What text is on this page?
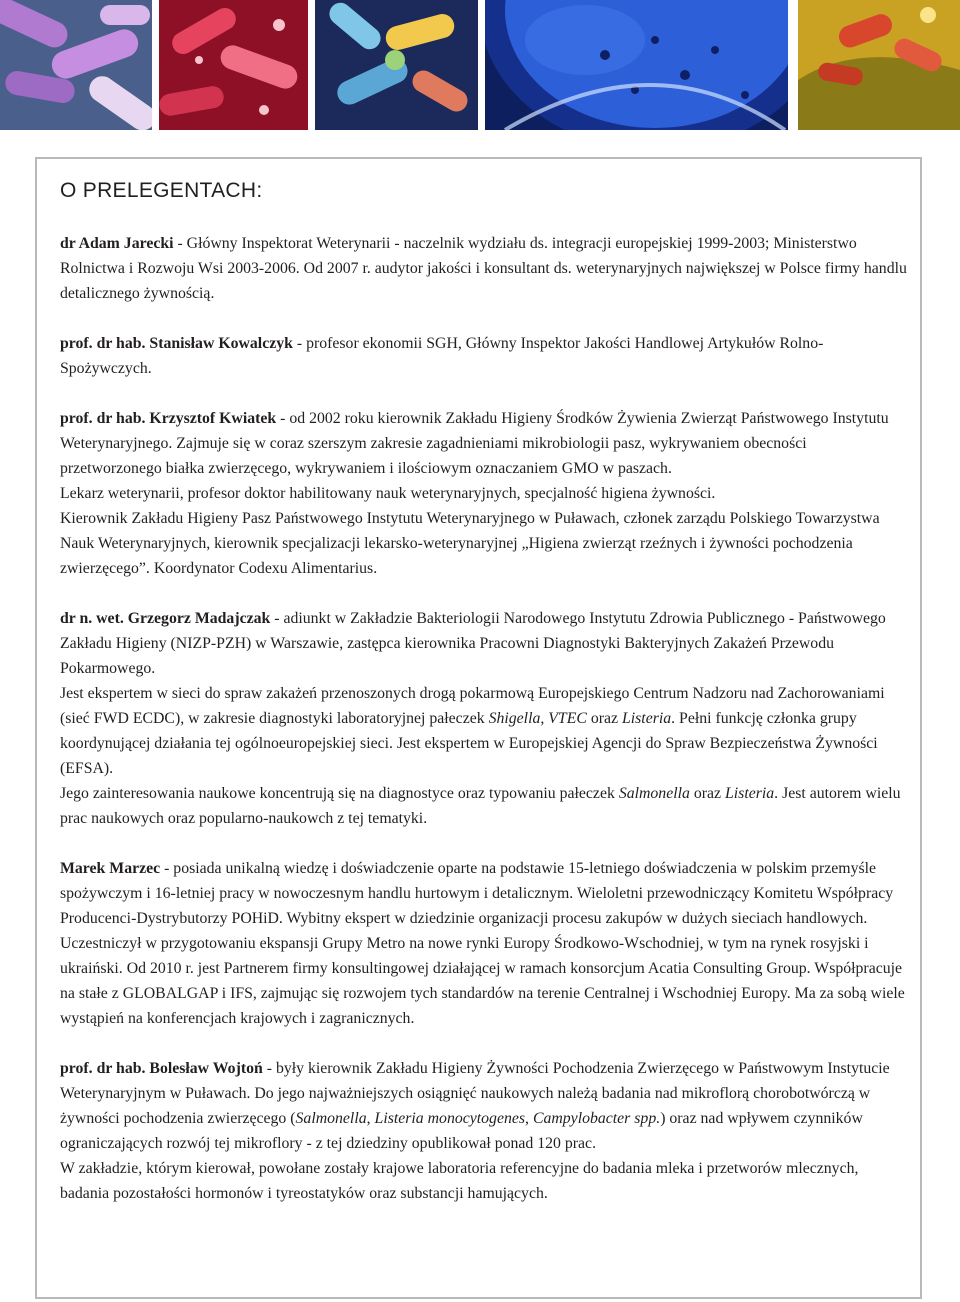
O PRELEGENTACH:

dr Adam Jarecki - Główny Inspektorat Weterynarii - naczelnik wydziału ds. integracji europejskiej 1999-2003; Ministerstwo Rolnictwa i Rozwoju Wsi 2003-2006. Od 2007 r. audytor jakości i konsultant ds. weterynaryjnych największej w Polsce firmy handlu detalicznego żywnością.

prof. dr hab. Stanisław Kowalczyk - profesor ekonomii SGH, Główny Inspektor Jakości Handlowej Artykułów Rolno-Spożywczych.

prof. dr hab. Krzysztof Kwiatek - od 2002 roku kierownik Zakładu Higieny Środków Żywienia Zwierząt Państwowego Instytutu Weterynaryjnego. Zajmuje się w coraz szerszym zakresie zagadnieniami mikrobiologii pasz, wykrywaniem obecności przetworzonego białka zwierzęcego, wykrywaniem i ilościowym oznaczaniem GMO w paszach.

Lekarz weterynarii, profesor doktor habilitowany nauk weterynaryjnych, specjalność higiena żywności.

Kierownik Zakładu Higieny Pasz Państwowego Instytutu Weterynaryjnego w Puławach, członek zarządu Polskiego Towarzystwa Nauk Weterynaryjnych, kierownik specjalizacji lekarsko-weterynaryjnej „Higiena zwierząt rzeźnych i żywności pochodzenia zwierzęcego”. Koordynator Codexu Alimentarius.

dr n. wet. Grzegorz Madajczak - adiunkt w Zakładzie Bakteriologii Narodowego Instytutu Zdrowia Publicznego - Państwowego Zakładu Higieny (NIZP-PZH) w Warszawie, zastępca kierownika Pracowni Diagnostyki Bakteryjnych Zakażeń Przewodu Pokarmowego.

Jest ekspertem w sieci do spraw zakażeń przenoszonych drogą pokarmową Europejskiego Centrum Nadzoru nad Zachorowaniami (sieć FWD ECDC), w zakresie diagnostyki laboratoryjnej pałeczek Shigella, VTEC oraz Listeria. Pełni funkcję członka grupy koordynującej działania tej ogólnoeuropejskiej sieci. Jest ekspertem w Europejskiej Agencji do Spraw Bezpieczeństwa Żywności (EFSA).

Jego zainteresowania naukowe koncentrują się na diagnostyce oraz typowaniu pałeczek Salmonella oraz Listeria. Jest autorem wielu prac naukowych oraz popularno-naukowch z tej tematyki.

Marek Marzec - posiada unikalną wiedzę i doświadczenie oparte na podstawie 15-letniego doświadczenia w polskim przemyśle spożywczym i 16-letniej pracy w nowoczesnym handlu hurtowym i detalicznym. Wieloletni przewodniczący Komitetu Współpracy Producenci-Dystrybutorzy POHiD. Wybitny ekspert w dziedzinie organizacji procesu zakupów w dużych sieciach handlowych. Uczestniczył w przygotowaniu ekspansji Grupy Metro na nowe rynki Europy Środkowo-Wschodniej, w tym na rynek rosyjski i ukraiński. Od 2010 r. jest Partnerem firmy konsultingowej działającej w ramach konsorcjum Acatia Consulting Group. Współpracuje na stałe z GLOBALGAP i IFS, zajmując się rozwojem tych standardów na terenie Centralnej i Wschodniej Europy. Ma za sobą wiele wystąpień na konferencjach krajowych i zagranicznych.

prof. dr hab. Bolesław Wojtoń - były kierownik Zakładu Higieny Żywności Pochodzenia Zwierzęcego w Państwowym Instytucie Weterynaryjnym w Puławach. Do jego najważniejszych osiągnięć naukowych należą badania nad mikroflorą chorobotwórczą w żywności pochodzenia zwierzęcego (Salmonella, Listeria monocytogenes, Campylobacter spp.) oraz nad wpływem czynników ograniczających rozwój tej mikroflory - z tej dziedziny opublikował ponad 120 prac.

W zakładzie, którym kierował, powołane zostały krajowe laboratoria referencyjne do badania mleka i przetworów mlecznych, badania pozostałości hormonów i tyreostatyków oraz substancji hamujących.
